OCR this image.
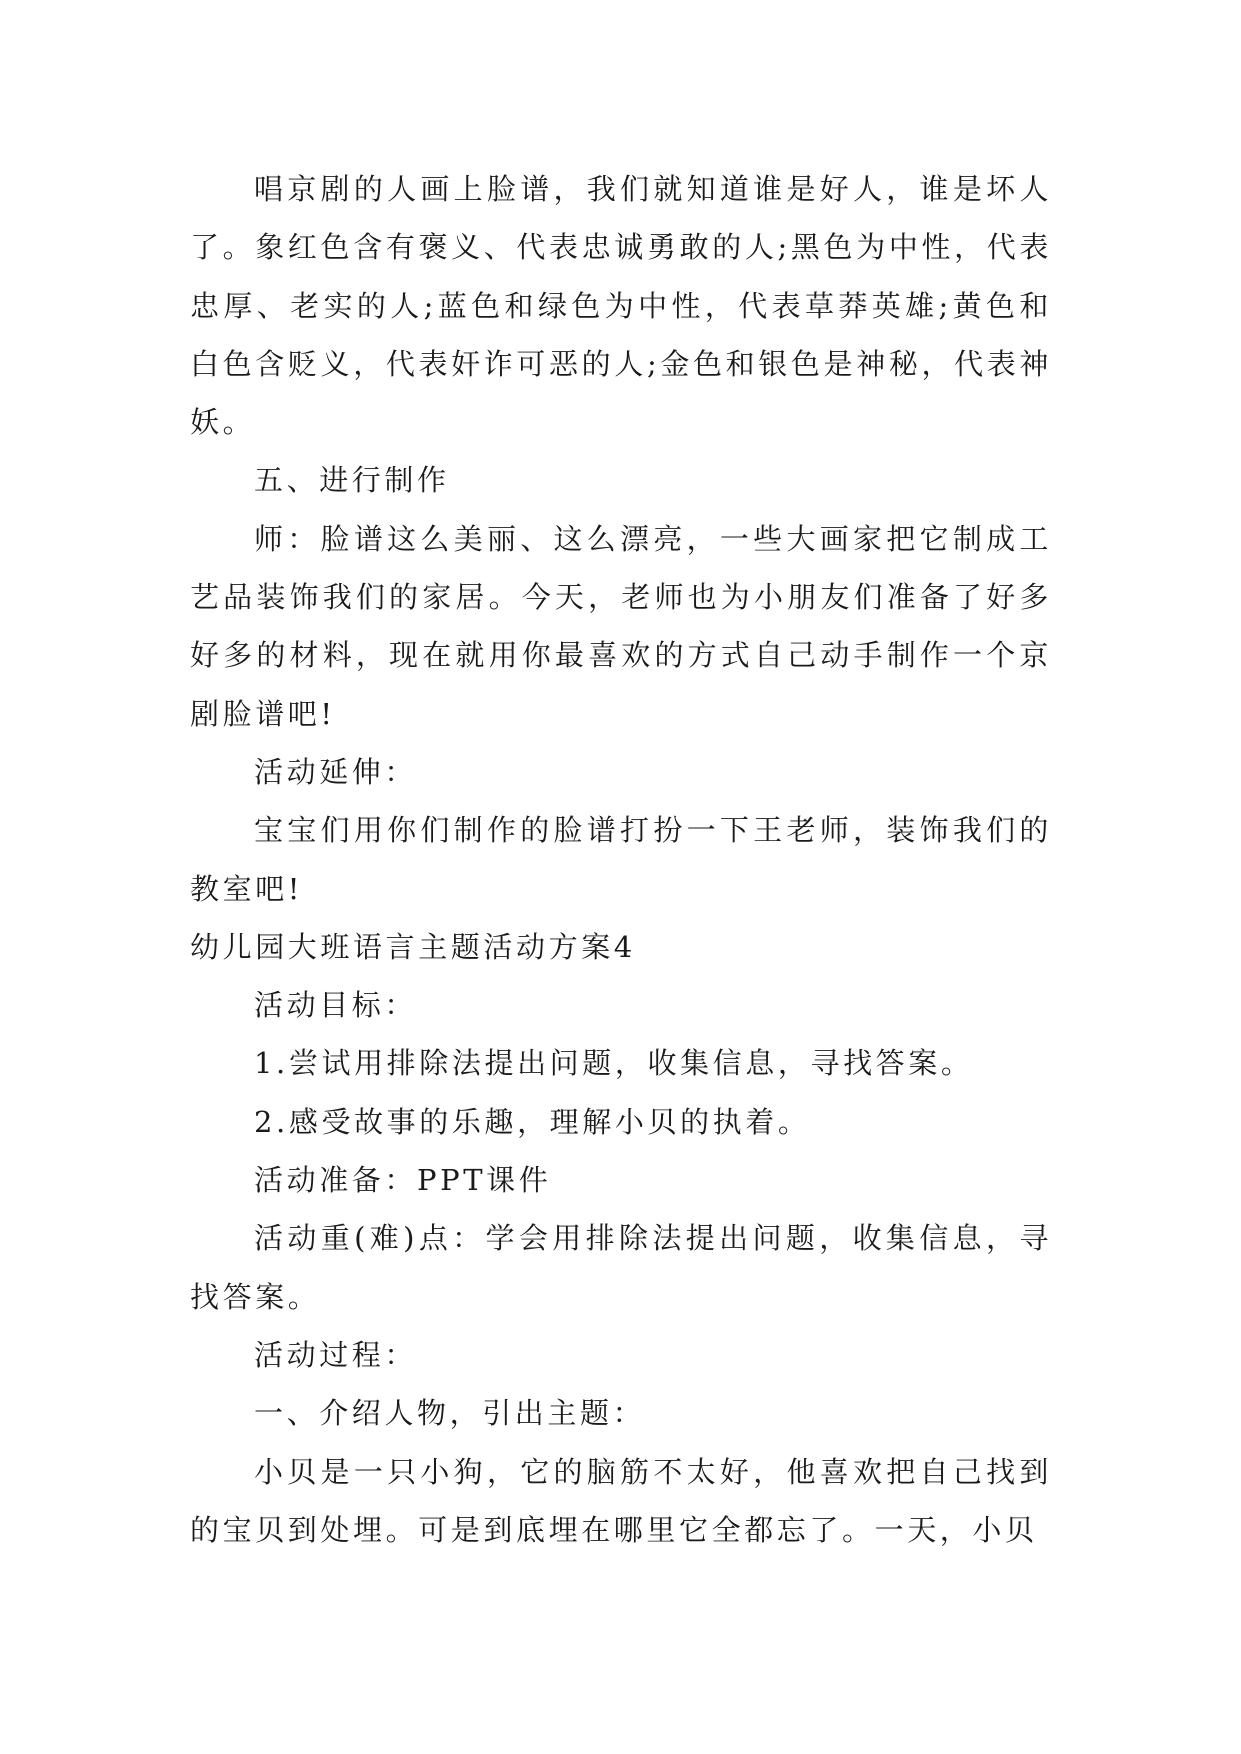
唱京剧的人画上脸谱，我们就知道谁是好人，谁是坏人了。象红色含有褒义、代表忠诚勇敢的人;黑色为中性，代表忠厚、老实的人;蓝色和绿色为中性，代表草莽英雄;黄色和白色含贬义，代表奸诈可恶的人;金色和银色是神秘，代表神妖。

五、进行制作

师：脸谱这么美丽、这么漂亮，一些大画家把它制成工艺品装饰我们的家居。今天，老师也为小朋友们准备了好多好多的材料，现在就用你最喜欢的方式自己动手制作一个京剧脸谱吧!

活动延伸：

宝宝们用你们制作的脸谱打扮一下王老师，装饰我们的教室吧!

幼儿园大班语言主题活动方案4

活动目标：

1.尝试用排除法提出问题，收集信息，寻找答案。

2.感受故事的乐趣，理解小贝的执着。

活动准备：PPT课件

活动重(难)点：学会用排除法提出问题，收集信息，寻找答案。

活动过程：

一、介绍人物，引出主题：

小贝是一只小狗，它的脑筋不太好，他喜欢把自己找到的宝贝到处埋。可是到底埋在哪里它全都忘了。一天，小贝
